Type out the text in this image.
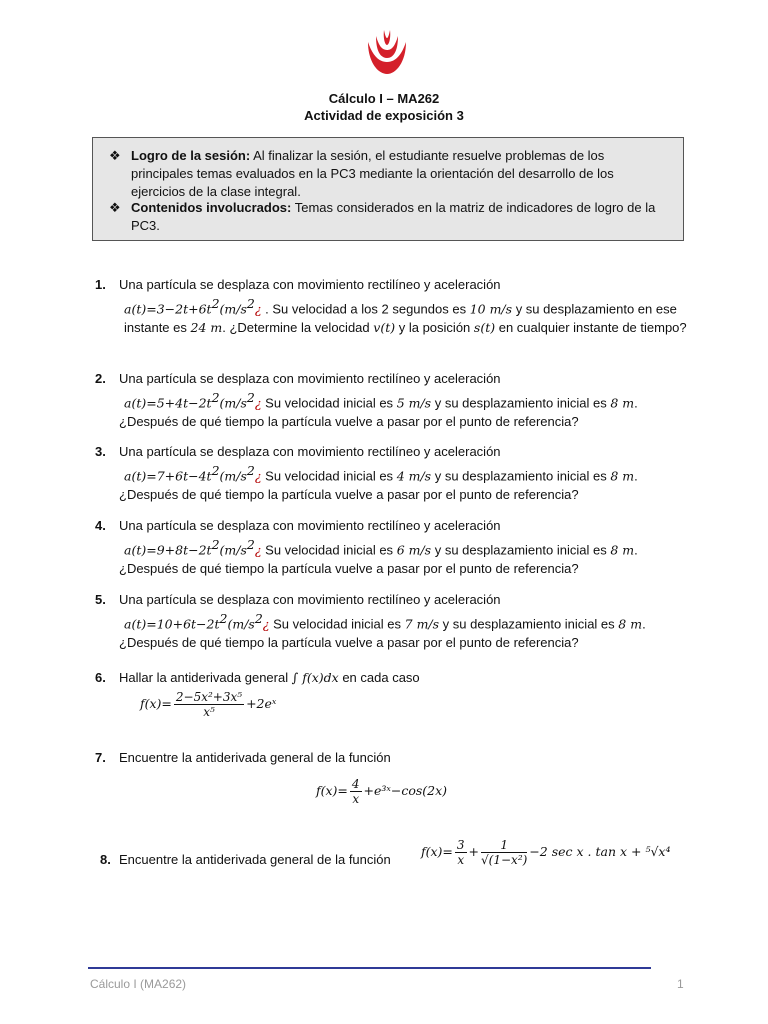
Cálculo I – MA262
Actividad de exposición 3
❖ Logro de la sesión: Al finalizar la sesión, el estudiante resuelve problemas de los principales temas evaluados en la PC3 mediante la orientación del desarrollo de los ejercicios de la clase integral.
❖ Contenidos involucrados: Temas considerados en la matriz de indicadores de logro de la PC3.
1. Una partícula se desplaza con movimiento rectilíneo y aceleración
$a(t)=3-2t+6t^2(m/s^2¿$ . Su velocidad a los 2 segundos es 10 m/s y su desplazamiento en ese instante es 24 m. ¿Determine la velocidad v(t) y la posición s(t) en cualquier instante de tiempo?
2. Una partícula se desplaza con movimiento rectilíneo y aceleración
$a(t)=5+4t-2t^2(m/s^2¿$ Su velocidad inicial es 5 m/s y su desplazamiento inicial es 8 m.
¿Después de qué tiempo la partícula vuelve a pasar por el punto de referencia?
3. Una partícula se desplaza con movimiento rectilíneo y aceleración
$a(t)=7+6t-4t^2(m/s^2¿$ Su velocidad inicial es 4 m/s y su desplazamiento inicial es 8 m.
¿Después de qué tiempo la partícula vuelve a pasar por el punto de referencia?
4. Una partícula se desplaza con movimiento rectilíneo y aceleración
$a(t)=9+8t-2t^2(m/s^2¿$ Su velocidad inicial es 6 m/s y su desplazamiento inicial es 8 m.
¿Después de qué tiempo la partícula vuelve a pasar por el punto de referencia?
5. Una partícula se desplaza con movimiento rectilíneo y aceleración
$a(t)=10+6t-2t^2(m/s^2¿$ Su velocidad inicial es 7 m/s y su desplazamiento inicial es 8 m.
¿Después de qué tiempo la partícula vuelve a pasar por el punto de referencia?
6. Hallar la antiderivada general ∫ f(x)dx en cada caso
$f(x)= \frac{\text{2−5x²+3x⁵}}{\text{x⁵}}$ +2eˣ
7. Encuentre la antiderivada general de la función
$f(x)= \frac{4}{x}$ +e³ˣ−cos(2x)
8. Encuentre la antiderivada general de la función
$f(x)= \frac{3}{x} + \frac{1}{\text{√(1−x²)}} -2$ sec x . tan x + ⁵√x⁴
Cálculo I (MA262)	1
